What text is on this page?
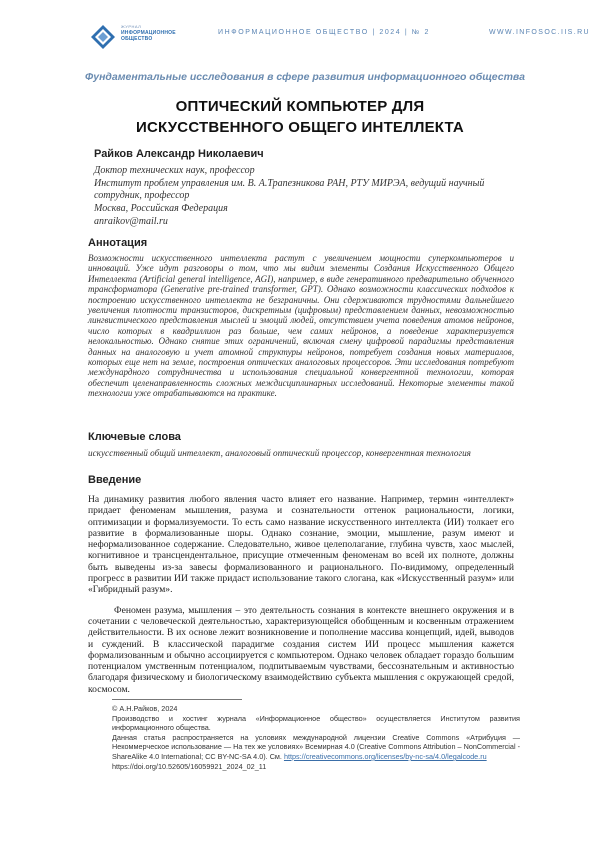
ЖУРНАЛ
ИНФОРМАЦИОННОЕ
ОБЩЕСТВО
ИНФОРМАЦИОННОЕ ОБЩЕСТВО | 2024 | № 2	WWW.INFOSOC.IIS.RU
Фундаментальные исследования в сфере развития информационного общества
ОПТИЧЕСКИЙ КОМПЬЮТЕР ДЛЯ
ИСКУССТВЕННОГО ОБЩЕГО ИНТЕЛЛЕКТА
Райков Александр Николаевич
Доктор технических наук, профессор
Институт проблем управления им. В. А.Трапезникова РАН, РТУ МИРЭА, ведущий научный сотрудник, профессор
Москва, Российская Федерация
anraikov@mail.ru
Аннотация
Возможности искусственного интеллекта растут с увеличением мощности суперкомпьютеров и инноваций. Уже идут разговоры о том, что мы видим элементы Создания Искусственного Общего Интеллекта (Artificial general intelligence, AGI), например, в виде генеративного предварительно обученного трансформатора (Generative pre-trained transformer, GPT). Однако возможности классических подходов к построению искусственного интеллекта не безграничны. Они сдерживаются трудностями дальнейшего увеличения плотности транзисторов, дискретным (цифровым) представлением данных, невозможностью лингвистического представления мыслей и эмоций людей, отсутствием учета поведения атомов нейронов, число которых в квадриллион раз больше, чем самих нейронов, а поведение характеризуется нелокальностью. Однако снятие этих ограничений, включая смену цифровой парадигмы представления данных на аналоговую и учет атомной структуры нейронов, потребует создания новых материалов, которых еще нет на земле, построения оптических аналоговых процессоров. Эти исследования потребуют междунардного сотрудничества и использования специальной конвергентной технологии, которая обеспечит целенаправленность сложных междисциплинарных исследований. Некоторые элементы такой технологии уже отрабатываются на практике.
Ключевые слова
искусственный общий интеллект, аналоговый оптический процессор, конвергентная технология
Введение

На динамику развития любого явления часто влияет его название. Например, термин «интеллект» придает феноменам мышления, разума и сознательности оттенок рациональности, логики, оптимизации и формализуемости. То есть само название искусственного интеллекта (ИИ) толкает его развитие в формализованные шоры. Однако сознание, эмоции, мышление, разум имеют и неформализованное содержание. Следовательно, живое целеполагание, глубина чувств, хаос мыслей, когнитивное и трансцендентальное, присущие отмеченным феноменам во всей их полноте, должны быть выведены из-за завесы формализованного и рационального. По-видимому, определенный прогресс в развитии ИИ также придаст использование такого слогана, как «Искусственный разум» или «Гибридный разум».

Феномен разума, мышления – это деятельность сознания в контексте внешнего окружения и в сочетании с человеческой деятельностью, характеризующейся обобщенным и косвенным отражением действительности. В их основе лежит возникновение и пополнение массива концепций, идей, выводов и суждений. В классической парадигме создания систем ИИ процесс мышления кажется формализованным и обычно ассоциируется с компьютером. Однако человек обладает гораздо большим потенциалом умственным потенциалом, подпитываемым чувствами, бессознательным и активностью благодаря физическому и биологическому взаимодействию субъекта мышления с окружающей средой, космосом.

© А.Н.Райков, 2024
Производство и хостинг журнала «Информационное общество» осуществляется Институтом развития информационного общества.
Данная статья распространяется на условиях международной лицензии Creative Commons «Атрибуция — Некоммерческое использование — На тех же условиях» Всемирная 4.0 (Creative Commons Attribution – NonCommercial - ShareAlike 4.0 International; CC BY-NC-SA 4.0). См. https://creativecommons.org/licenses/by-nc-sa/4.0/legalcode.ru
https://doi.org/10.52605/16059921_2024_02_11
